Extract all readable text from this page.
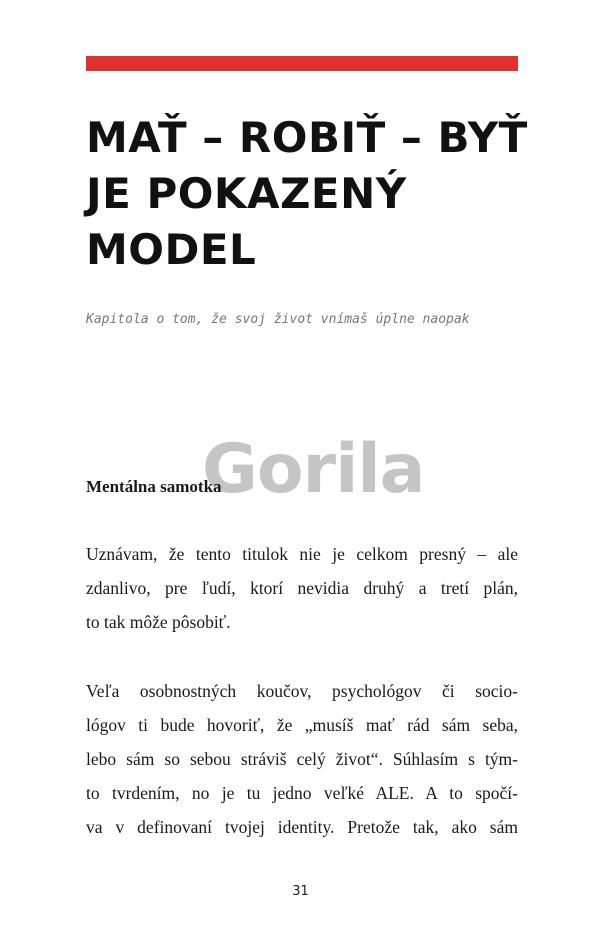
MAŤ – ROBIŤ – BYŤ
JE POKAZENÝ
MODEL

Kapitola o tom, že svoj život vnímaš úplne naopak

Gorila
Mentálna samotka
Uznávam, že tento titulok nie je celkom presný – ale
zdanlivo, pre ľudí, ktorí nevidia druhý a tretí plán,
to tak môže pôsobiť.
Veľa osobnostných koučov, psychológov či socio-
lógov ti bude hovoriť, že „musíš mať rád sám seba,
lebo sám so sebou stráviš celý život“. Súhlasím s tým-
to tvrdením, no je tu jedno veľké ALE. A to spočí-
va v definovaní tvojej identity. Pretože tak, ako sám
31
